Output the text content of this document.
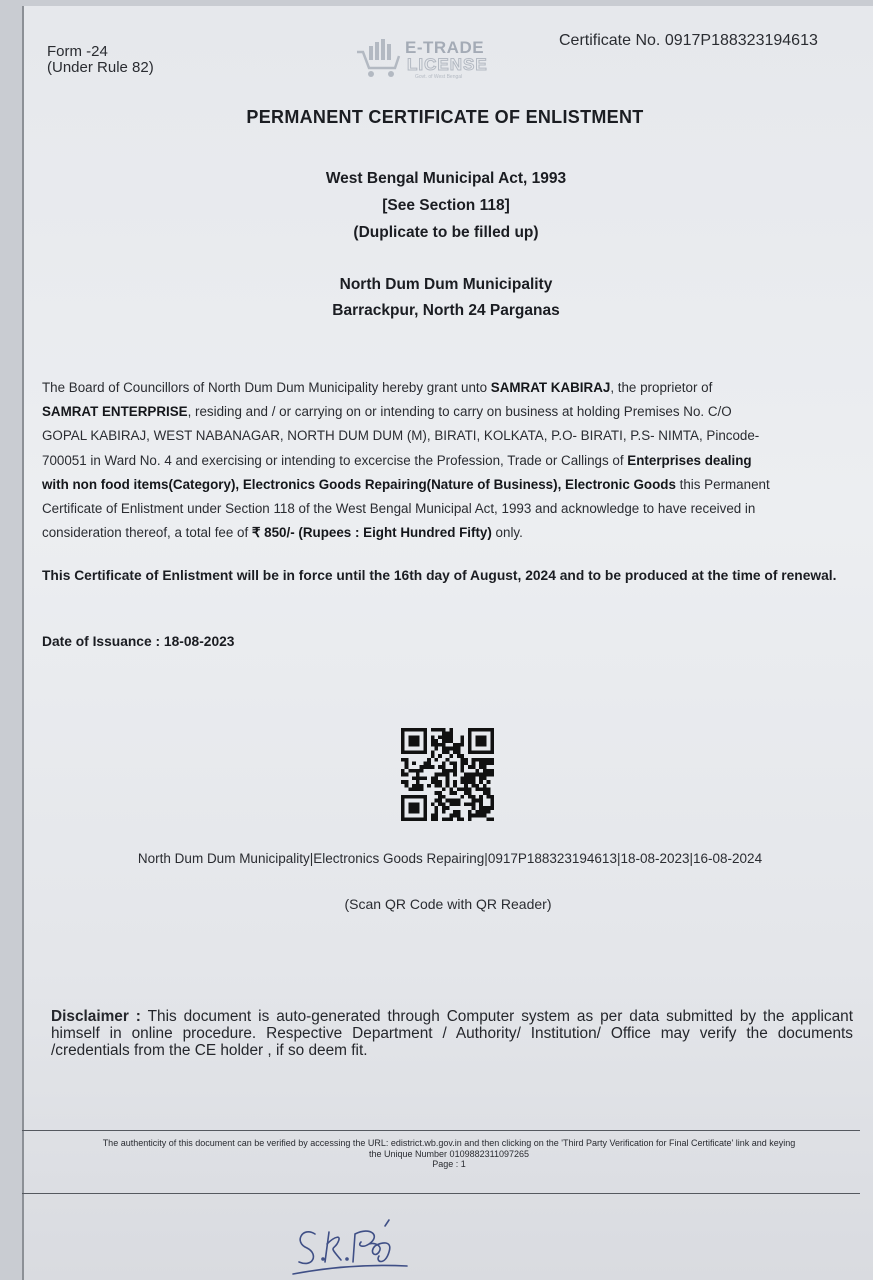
Form -24
(Under Rule 82)
E-TRADE
LICENSE
Govt. of West Bengal
Certificate No. 0917P188323194613
PERMANENT CERTIFICATE OF ENLISTMENT
West Bengal Municipal Act, 1993
[See Section 118]
(Duplicate to be filled up)
North Dum Dum Municipality
Barrackpur, North 24 Parganas
The Board of Councillors of North Dum Dum Municipality hereby grant unto SAMRAT KABIRAJ, the proprietor of
SAMRAT ENTERPRISE, residing and / or carrying on or intending to carry on business at holding Premises No. C/O
GOPAL KABIRAJ, WEST NABANAGAR, NORTH DUM DUM (M), BIRATI, KOLKATA, P.O- BIRATI, P.S- NIMTA, Pincode-
700051 in Ward No. 4 and exercising or intending to excercise the Profession, Trade or Callings of Enterprises dealing
with non food items(Category), Electronics Goods Repairing(Nature of Business), Electronic Goods this Permanent
Certificate of Enlistment under Section 118 of the West Bengal Municipal Act, 1993 and acknowledge to have received in
consideration thereof, a total fee of ₹ 850/- (Rupees : Eight Hundred Fifty) only.
This Certificate of Enlistment will be in force until the 16th day of August, 2024 and to be produced at the time of renewal.
Date of Issuance : 18-08-2023
North Dum Dum Municipality|Electronics Goods Repairing|0917P188323194613|18-08-2023|16-08-2024
(Scan QR Code with QR Reader)
Disclaimer : This document is auto-generated through Computer system as per data submitted by the applicant himself in online procedure. Respective Department / Authority/ Institution/ Office may verify the documents /credentials from the CE holder , if so deem fit.
The authenticity of this document can be verified by accessing the URL: edistrict.wb.gov.in and then clicking on the 'Third Party Verification for Final Certificate' link and keying
the Unique Number 0109882311097265
Page : 1
